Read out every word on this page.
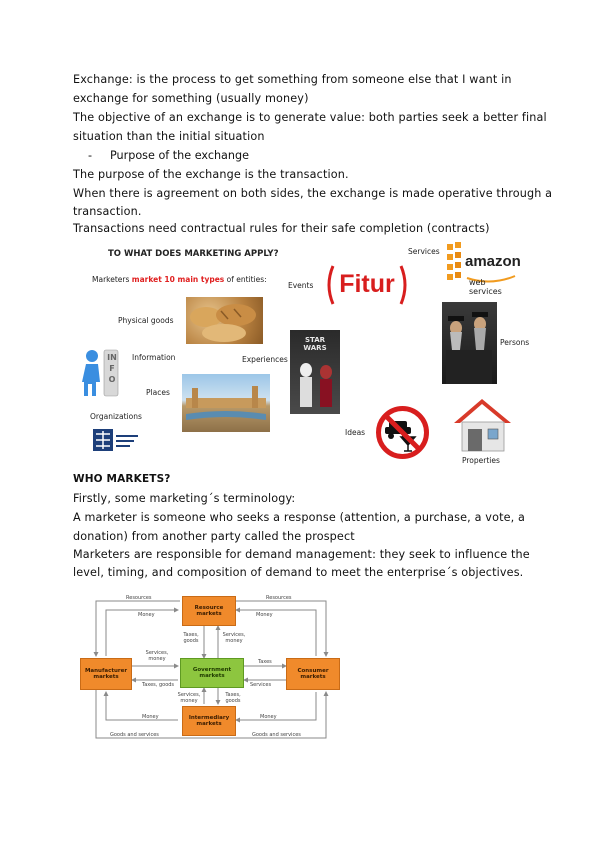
Exchange: is the process to get something from someone else that I want in
exchange for something (usually money)
The objective of an exchange is to generate value: both parties seek a better final
situation than the initial situation
- Purpose of the exchange
The purpose of the exchange is the transaction.
When there is agreement on both sides, the exchange is made operative through a
transaction.
Transactions need contractual rules for their safe completion (contracts)
TO WHAT DOES MARKETING APPLY?
Marketers market 10 main types of entities:
Physical goods
Information
INFO
Places
Organizations
Experiences
STAR WARS
Events	Fitur
Services
amazon
web services
Persons
Ideas
Properties
WHO MARKETS?
Firstly, some marketing´s terminology:
A marketer is someone who seeks a response (attention, a purchase, a vote, a
donation) from another party called the prospect
Marketers are responsible for demand management: they seek to influence the
level, timing, and composition of demand to meet the enterprise´s objectives.
Resource markets
Government markets
Manufacturer markets
Consumer markets
Intermediary markets
Resources	Resources
Money	Money
Taxes, goods
Services, money
Services, money	Taxes
Taxes, goods	Services
Services, money
Taxes, goods
Money	Money
Goods and services	Goods and services
